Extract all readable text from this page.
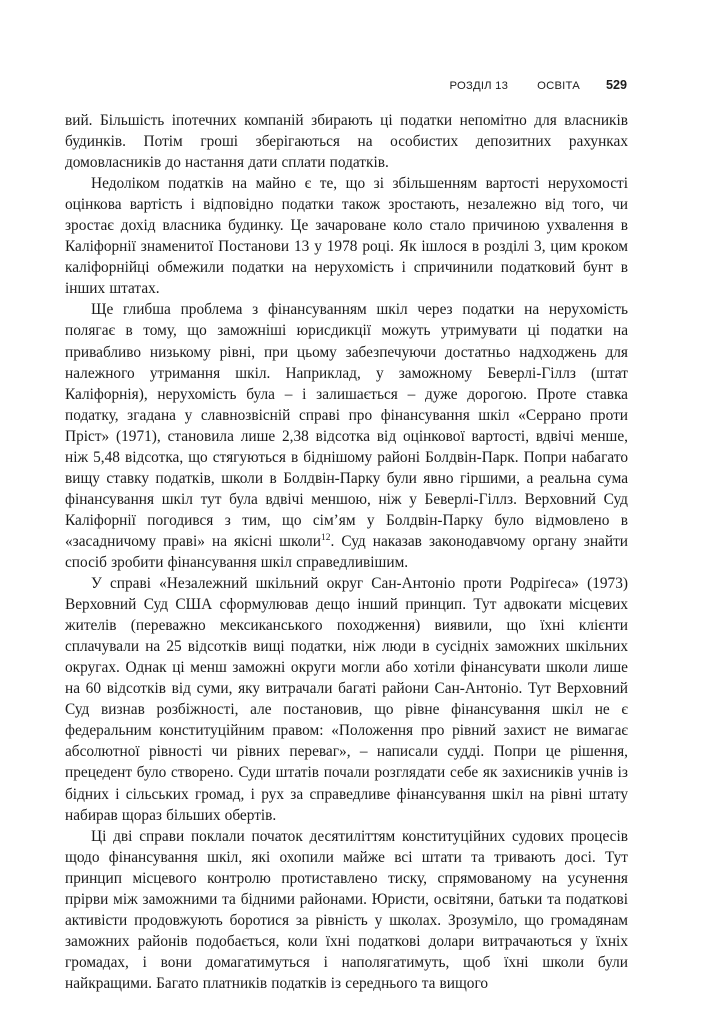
РОЗДІЛ 13	ОСВІТА 529

вий. Більшість іпотечних компаній збирають ці податки непомітно для власників будинків. Потім гроші зберігаються на особистих депозитних рахунках домовласників до настання дати сплати податків.

Недоліком податків на майно є те, що зі збільшенням вартості нерухомості оцінкова вартість і відповідно податки також зростають, незалежно від того, чи зростає дохід власника будинку. Це зачароване коло стало причиною ухвалення в Каліфорнії знаменитої Постанови 13 у 1978 році. Як ішлося в розділі 3, цим кроком каліфорнійці обмежили податки на нерухомість і спричинили податковий бунт в інших штатах.

Ще глибша проблема з фінансуванням шкіл через податки на нерухомість полягає в тому, що заможніші юрисдикції можуть утримувати ці податки на привабливо низькому рівні, при цьому забезпечуючи достатньо надходжень для належного утримання шкіл. Наприклад, у заможному Беверлі-Гіллз (штат Каліфорнія), нерухомість була – і залишається – дуже дорогою. Проте ставка податку, згадана у славнозвісній справі про фінансування шкіл «Серрано проти Пріст» (1971), становила лише 2,38 відсотка від оцінкової вартості, вдвічі менше, ніж 5,48 відсотка, що стягуються в біднішому районі Болдвін-Парк. Попри набагато вищу ставку податків, школи в Болдвін-Парку були явно гіршими, а реальна сума фінансування шкіл тут була вдвічі меншою, ніж у Беверлі-Гіллз. Верховний Суд Каліфорнії погодився з тим, що сім’ям у Болдвін-Парку було відмовлено в «засадничому праві» на якісні школи$^{12}$. Суд наказав законодавчому органу знайти спосіб зробити фінансування шкіл справедливішим.

У справі «Незалежний шкільний округ Сан-Антоніо проти Родріґеса» (1973) Верховний Суд США сформулював дещо інший принцип. Тут адвокати місцевих жителів (переважно мексиканського походження) виявили, що їхні клієнти сплачували на 25 відсотків вищі податки, ніж люди в сусідніх заможних шкільних округах. Однак ці менш заможні округи могли або хотіли фінансувати школи лише на 60 відсотків від суми, яку витрачали багаті райони Сан-Антоніо. Тут Верховний Суд визнав розбіжності, але постановив, що рівне фінансування шкіл не є федеральним конституційним правом: «Положення про рівний захист не вимагає абсолютної рівності чи рівних переваг», – написали судді. Попри це рішення, прецедент було створено. Суди штатів почали розглядати себе як захисників учнів із бідних і сільських громад, і рух за справедливе фінансування шкіл на рівні штату набирав щораз більших обертів.

Ці дві справи поклали початок десятиліттям конституційних судових процесів щодо фінансування шкіл, які охопили майже всі штати та тривають досі. Тут принцип місцевого контролю протиставлено тиску, спрямованому на усунення прірви між заможними та бідними районами. Юристи, освітяни, батьки та податкові активісти продовжують боротися за рівність у школах. Зрозуміло, що громадянам заможних районів подобається, коли їхні податкові долари витрачаються у їхніх громадах, і вони домагатимуться і наполягатимуть, щоб їхні школи були найкращими. Багато платників податків із середнього та вищого
